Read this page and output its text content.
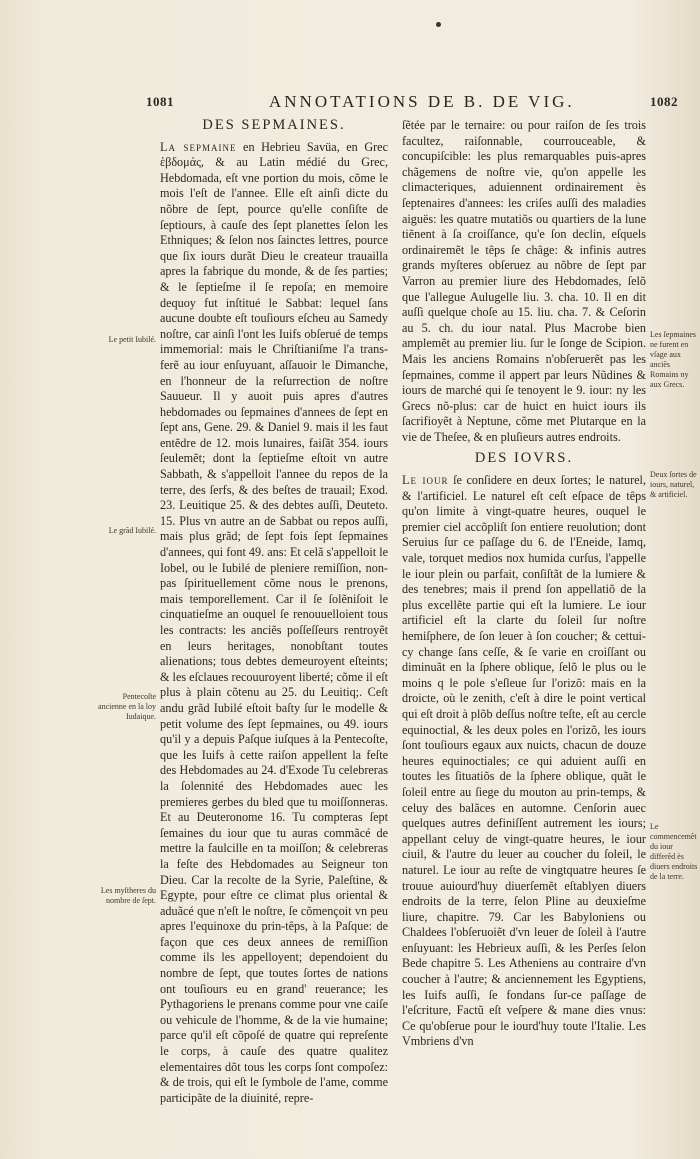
1081	ANNOTATIONS DE B. DE VIG.	1082
DES SEPMAINES.

La sepmaine en Hebrieu Savüa, en Grec ἑβδομάς, & au Latin médié du Grec, Hebdomada, eſt vne portion du mois, cõme le mois l'eſt de l'annee. Elle eſt ainſi dicte du nõbre de ſept, pource qu'elle conſiſte de ſeptiours, à cauſe des ſept planettes ſelon les Ethniques; & ſelon nos ſainctes lettres, pource que ſix iours durãt Dieu le createur trauailla apres la fabrique du monde, & de ſes parties; & le ſeptieſme il ſe repoſa; en memoire dequoy fut inſtitué le Sabbat: lequel ſans aucune doubte eſt touſiours eſcheu au Samedy noſtre, car ainſi l'ont les Iuifs obſerué de temps immemorial: mais le Chriſtianiſme l'a trans-ferẽ au iour enſuyuant, aſſauoir le Dimanche, en l'honneur de la reſurrection de noſtre Sauueur. Il y auoit puis apres d'autres hebdomades ou ſepmaines d'annees de ſept en ſept ans, Gene. 29. & Daniel 9. mais il les faut entẽdre de 12. mois lunaires, faiſãt 354. iours ſeulemẽt; dont la ſeptieſme eſtoit vn autre Sabbath, & s'appelloit l'annee du repos de la terre, des ſerfs, & des beſtes de trauail; Exod. 23. Leuitique 25. & des debtes auſſi, Deuteto. 15. Plus vn autre an de Sabbat ou repos auſſi, mais plus grãd; de ſept fois ſept ſepmaines d'annees, qui font 49. ans: Et celã s'appelloit le Iobel, ou le Iubilé de pleniere remiſſion, non-pas ſpirituellement cõme nous le prenons, mais temporellement. Car il ſe ſolẽniſoit le cinquatieſme an ouquel ſe renouuelloient tous les contracts: les anciẽs poſſeſſeurs rentroyẽt en leurs heritages, nonobſtant toutes alienations; tous debtes demeuroyent eſteints; & les eſclaues recouuroyent liberté; cõme il eſt plus à plain cõtenu au 25. du Leuitiq;. Ceſt andu grãd Iubilé eſtoit baſty ſur le modelle & petit volume des ſept ſepmaines, ou 49. iours qu'il y a depuis Paſque iuſques à la Pentecoſte, que les Iuifs à cette raiſon appellent la feſte des Hebdomades au 24. d'Exode Tu celebreras la ſolennité des Hebdomades auec les premieres gerbes du bled que tu moiſſonneras. Et au Deuteronome 16. Tu compteras ſept ſemaines du iour que tu auras commãcé de mettre la faulcille en ta moiſſon; & celebreras la feſte des Hebdomades au Seigneur ton Dieu. Car la recolte de la Syrie, Paleſtine, & Egypte, pour eſtre ce climat plus oriental & aduãcé que n'eſt le noſtre, ſe cõmençoit vn peu apres l'equinoxe du prin-têps, à la Paſque: de façon que ces deux annees de remiſſion comme ils les appelloyent; dependoient du nombre de ſept, que toutes ſortes de nations ont touſiours eu en grand' reuerance; les Pythagoriens le prenans comme pour vne caiſe ou vehicule de l'homme, & de la vie humaine; parce qu'il eſt cõpoſé de quatre qui repreſente le corps, à cauſe des quatre qualitez elementaires dõt tous les corps ſont compoſez: & de trois, qui eſt le ſymbole de l'ame, comme participãte de la diuinité, repre-

Le petit Iubilé.
Le grãd Iubilé.
Pentecoſte ancienne en la loy Iudaique.
Les myſtheres du nombre de ſept.

ſẽtée par le ternaire: ou pour raiſon de ſes trois facultez, raiſonnable, courrouceable, & concupiſcible: les plus remarquables puis-apres chãgemens de noſtre vie, qu'on appelle les climacteriques, aduiennent ordinairement ès ſeptenaires d'annees: les criſes auſſi des maladies aiguës: les quatre mutatiõs ou quartiers de la lune tiẽnent à ſa croiſſance, qu'e ſon declin, eſquels ordinairemẽt le têps ſe châge: & infinis autres grands myſteres obſeruez au nõbre de ſept par Varron au premier liure des Hebdomades, ſelõ que l'allegue Aulugelle liu. 3. cha. 10. Il en dit auſſi quelque choſe au 15. liu. cha. 7. & Ceſorin au 5. ch. du iour natal. Plus Macrobe bien amplemẽt au premier liu. ſur le ſonge de Scipion. Mais les anciens Romains n'obſeruerẽt pas les ſepmaines, comme il appert par leurs Nũdines & iours de marché qui ſe tenoyent le 9. iour: ny les Grecs nõ-plus: car de huict en huict iours ils ſacrifioyẽt à Neptune, cõme met Plutarque en la vie de Theſee, & en pluſieurs autres endroits.

DES IOVRS.

Le iour ſe conſidere en deux ſortes; le naturel, & l'artificiel. Le naturel eſt ceſt eſpace de têps qu'on limite à vingt-quatre heures, ouquel le premier ciel accõpliſt ſon entiere reuolution; dont Seruius ſur ce paſſage du 6. de l'Eneide, Iamq, vale, torquet medios nox humida curſus, l'appelle le iour plein ou parfait, conſiſtãt de la lumiere & des tenebres; mais il prend ſon appellatiõ de la plus excellẽte partie qui eſt la lumiere. Le iour artificiel eſt la clarte du ſoleil ſur noſtre hemiſphere, de ſon leuer à ſon coucher; & cettui-cy change ſans ceſſe, & ſe varie en croiſſant ou diminuãt en la ſphere oblique, ſelõ le plus ou le moins q le pole s'eſleue ſur l'orizõ: mais en la droicte, où le zenith, c'eſt à dire le point vertical qui eſt droit à plõb deſſus noſtre teſte, eſt au cercle equinoctial, & les deux poles en l'orizõ, les iours ſont touſiours egaux aux nuicts, chacun de douze heures equinoctiales; ce qui aduient auſſi en toutes les ſituatiõs de la ſphere oblique, quãt le ſoleil entre au ſiege du mouton au prin-temps, & celuy des balãces en automne. Cenſorin auec quelques autres definiſſent autrement les iours; appellant celuy de vingt-quatre heures, le iour ciuil, & l'autre du leuer au coucher du ſoleil, le naturel. Le iour au reſte de vingtquatre heures ſe trouue auiourd'huy diuerſemẽt eſtablyen diuers endroits de la terre, ſelon Pline au deuxieſme liure, chapitre. 79. Car les Babyloniens ou Chaldees l'obſeruoiẽt d'vn leuer de ſoleil à l'autre enſuyuant: les Hebrieux auſſi, & les Perſes ſelon Bede chapitre 5. Les Atheniens au contraire d'vn coucher à l'autre; & anciennement les Egyptiens, les Iuifs auſſi, ſe fondans ſur-ce paſſage de l'eſcriture, Factũ eſt veſpere & mane dies vnus: Ce qu'obſerue pour le iourd'huy toute l'Italie. Les Vmbriens d'vn

Les ſepmaines ne furent en vſage aux anciẽs Romains ny aux Grecs.
Deux ſortes de iours, naturel, & artificiel.
Le commencemẽt du iour differẽd ès diuers endroits de la terre.
